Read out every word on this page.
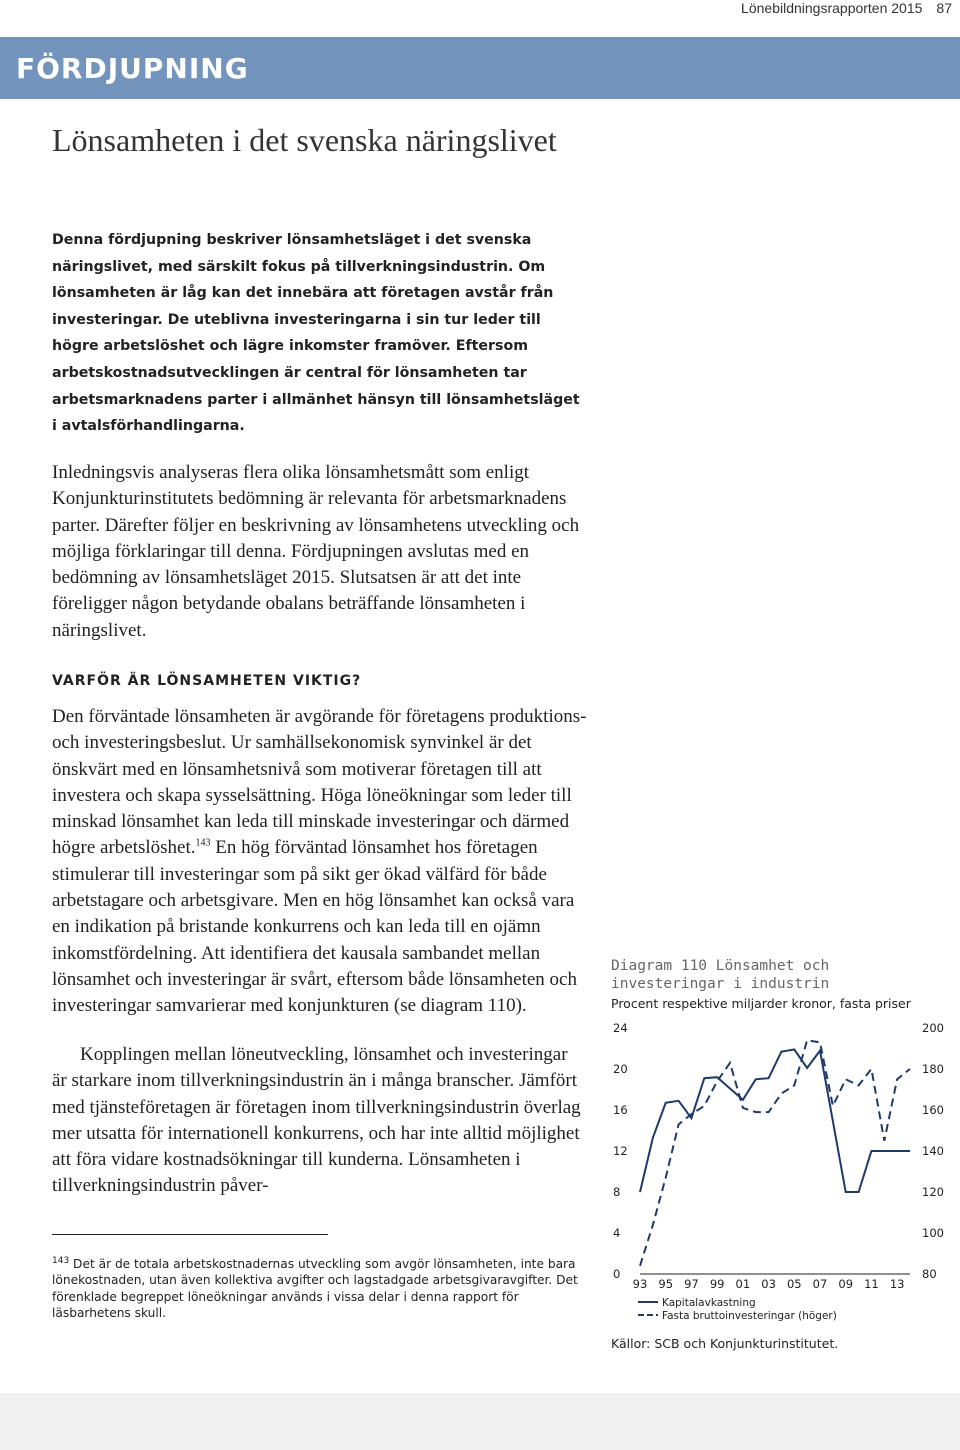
Lönebildningsrapporten 2015 87
FÖRDJUPNING
Lönsamheten i det svenska näringslivet
Denna fördjupning beskriver lönsamhetsläget i det svenska näringslivet, med särskilt fokus på tillverkningsindustrin. Om lönsamheten är låg kan det innebära att företagen avstår från investeringar. De uteblivna investeringarna i sin tur leder till högre arbetslöshet och lägre inkomster framöver. Eftersom arbetskostnadsutvecklingen är central för lönsamheten tar arbetsmarknadens parter i allmänhet hänsyn till lönsamhetsläget i avtalsförhandlingarna.
Inledningsvis analyseras flera olika lönsamhetsmått som enligt Konjunkturinstitutets bedömning är relevanta för arbetsmarknadens parter. Därefter följer en beskrivning av lönsamhetens utveckling och möjliga förklaringar till denna. Fördjupningen avslutas med en bedömning av lönsamhetsläget 2015. Slutsatsen är att det inte föreligger någon betydande obalans beträffande lönsamheten i näringslivet.
VARFÖR ÄR LÖNSAMHETEN VIKTIG?
Den förväntade lönsamheten är avgörande för företagens produktions- och investeringsbeslut. Ur samhällsekonomisk synvinkel är det önskvärt med en lönsamhetsnivå som motiverar företagen till att investera och skapa sysselsättning. Höga löneökningar som leder till minskad lönsamhet kan leda till minskade investeringar och därmed högre arbetslöshet.$^{143}$ En hög förväntad lönsamhet hos företagen stimulerar till investeringar som på sikt ger ökad välfärd för både arbetstagare och arbetsgivare. Men en hög lönsamhet kan också vara en indikation på bristande konkurrens och kan leda till en ojämn inkomstfördelning. Att identifiera det kausala sambandet mellan lönsamhet och investeringar är svårt, eftersom både lönsamheten och investeringar samvarierar med konjunkturen (se diagram 110).
Kopplingen mellan löneutveckling, lönsamhet och investeringar är starkare inom tillverkningsindustrin än i många branscher. Jämfört med tjänsteföretagen är företagen inom tillverkningsindustrin överlag mer utsatta för internationell konkurrens, och har inte alltid möjlighet att föra vidare kostnadsökningar till kunderna. Lönsamheten i tillverkningsindustrin påver-
$^{143}$ Det är de totala arbetskostnadernas utveckling som avgör lönsamheten, inte bara lönekostnaden, utan även kollektiva avgifter och lagstadgade arbetsgivaravgifter. Det förenklade begreppet löneökningar används i vissa delar i denna rapport för läsbarhetens skull.
Diagram 110 Lönsamhet och investeringar i industrin
Procent respektive miljarder kronor, fasta priser
0
4
8
12
16
20
24
80
100
120
140
160
180
200
93 95 97 99 01 03 05 07 09 11 13
Kapitalavkastning
Fasta bruttoinvesteringar (höger)
Källor: SCB och Konjunkturinstitutet.
